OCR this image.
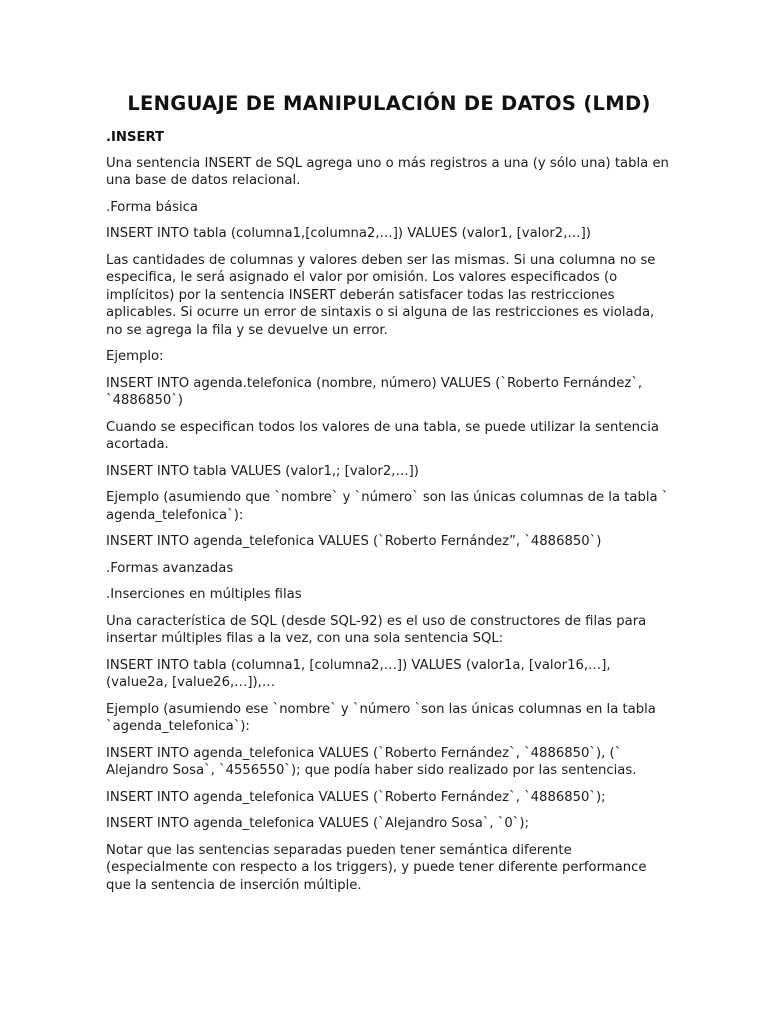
LENGUAJE DE MANIPULACIÓN DE DATOS (LMD)
.INSERT

Una sentencia INSERT de SQL agrega uno o más registros a una (y sólo una) tabla en una base de datos relacional.

.Forma básica

INSERT INTO tabla (columna1,[columna2,…]) VALUES (valor1, [valor2,…])

Las cantidades de columnas y valores deben ser las mismas. Si una columna no se especifica, le será asignado el valor por omisión. Los valores especificados (o implícitos) por la sentencia INSERT deberán satisfacer todas las restricciones aplicables. Si ocurre un error de sintaxis o si alguna de las restricciones es violada, no se agrega la fila y se devuelve un error.

Ejemplo:

INSERT INTO agenda.telefonica (nombre, número) VALUES (`Roberto Fernández`, `4886850`)

Cuando se especifican todos los valores de una tabla, se puede utilizar la sentencia acortada.

INSERT INTO tabla VALUES (valor1,; [valor2,…])

Ejemplo (asumiendo que `nombre` y `número` son las únicas columnas de la tabla ` agenda_telefonica`):

INSERT INTO agenda_telefonica VALUES (`Roberto Fernández”, `4886850`)

.Formas avanzadas

.Inserciones en múltiples filas

Una característica de SQL (desde SQL-92) es el uso de constructores de filas para insertar múltiples filas a la vez, con una sola sentencia SQL:

INSERT INTO tabla (columna1, [columna2,…]) VALUES (valor1a, [valor16,…], (value2a, [value26,…]),…

Ejemplo (asumiendo ese `nombre` y `número `son las únicas columnas en la tabla `agenda_telefonica`):

INSERT INTO agenda_telefonica VALUES (`Roberto Fernández`, `4886850`), (` Alejandro Sosa`, `4556550`); que podía haber sido realizado por las sentencias.

INSERT INTO agenda_telefonica VALUES (`Roberto Fernández`, `4886850`);

INSERT INTO agenda_telefonica VALUES (`Alejandro Sosa`, `0`);

Notar que las sentencias separadas pueden tener semántica diferente (especialmente con respecto a los triggers), y puede tener diferente performance que la sentencia de inserción múltiple.
